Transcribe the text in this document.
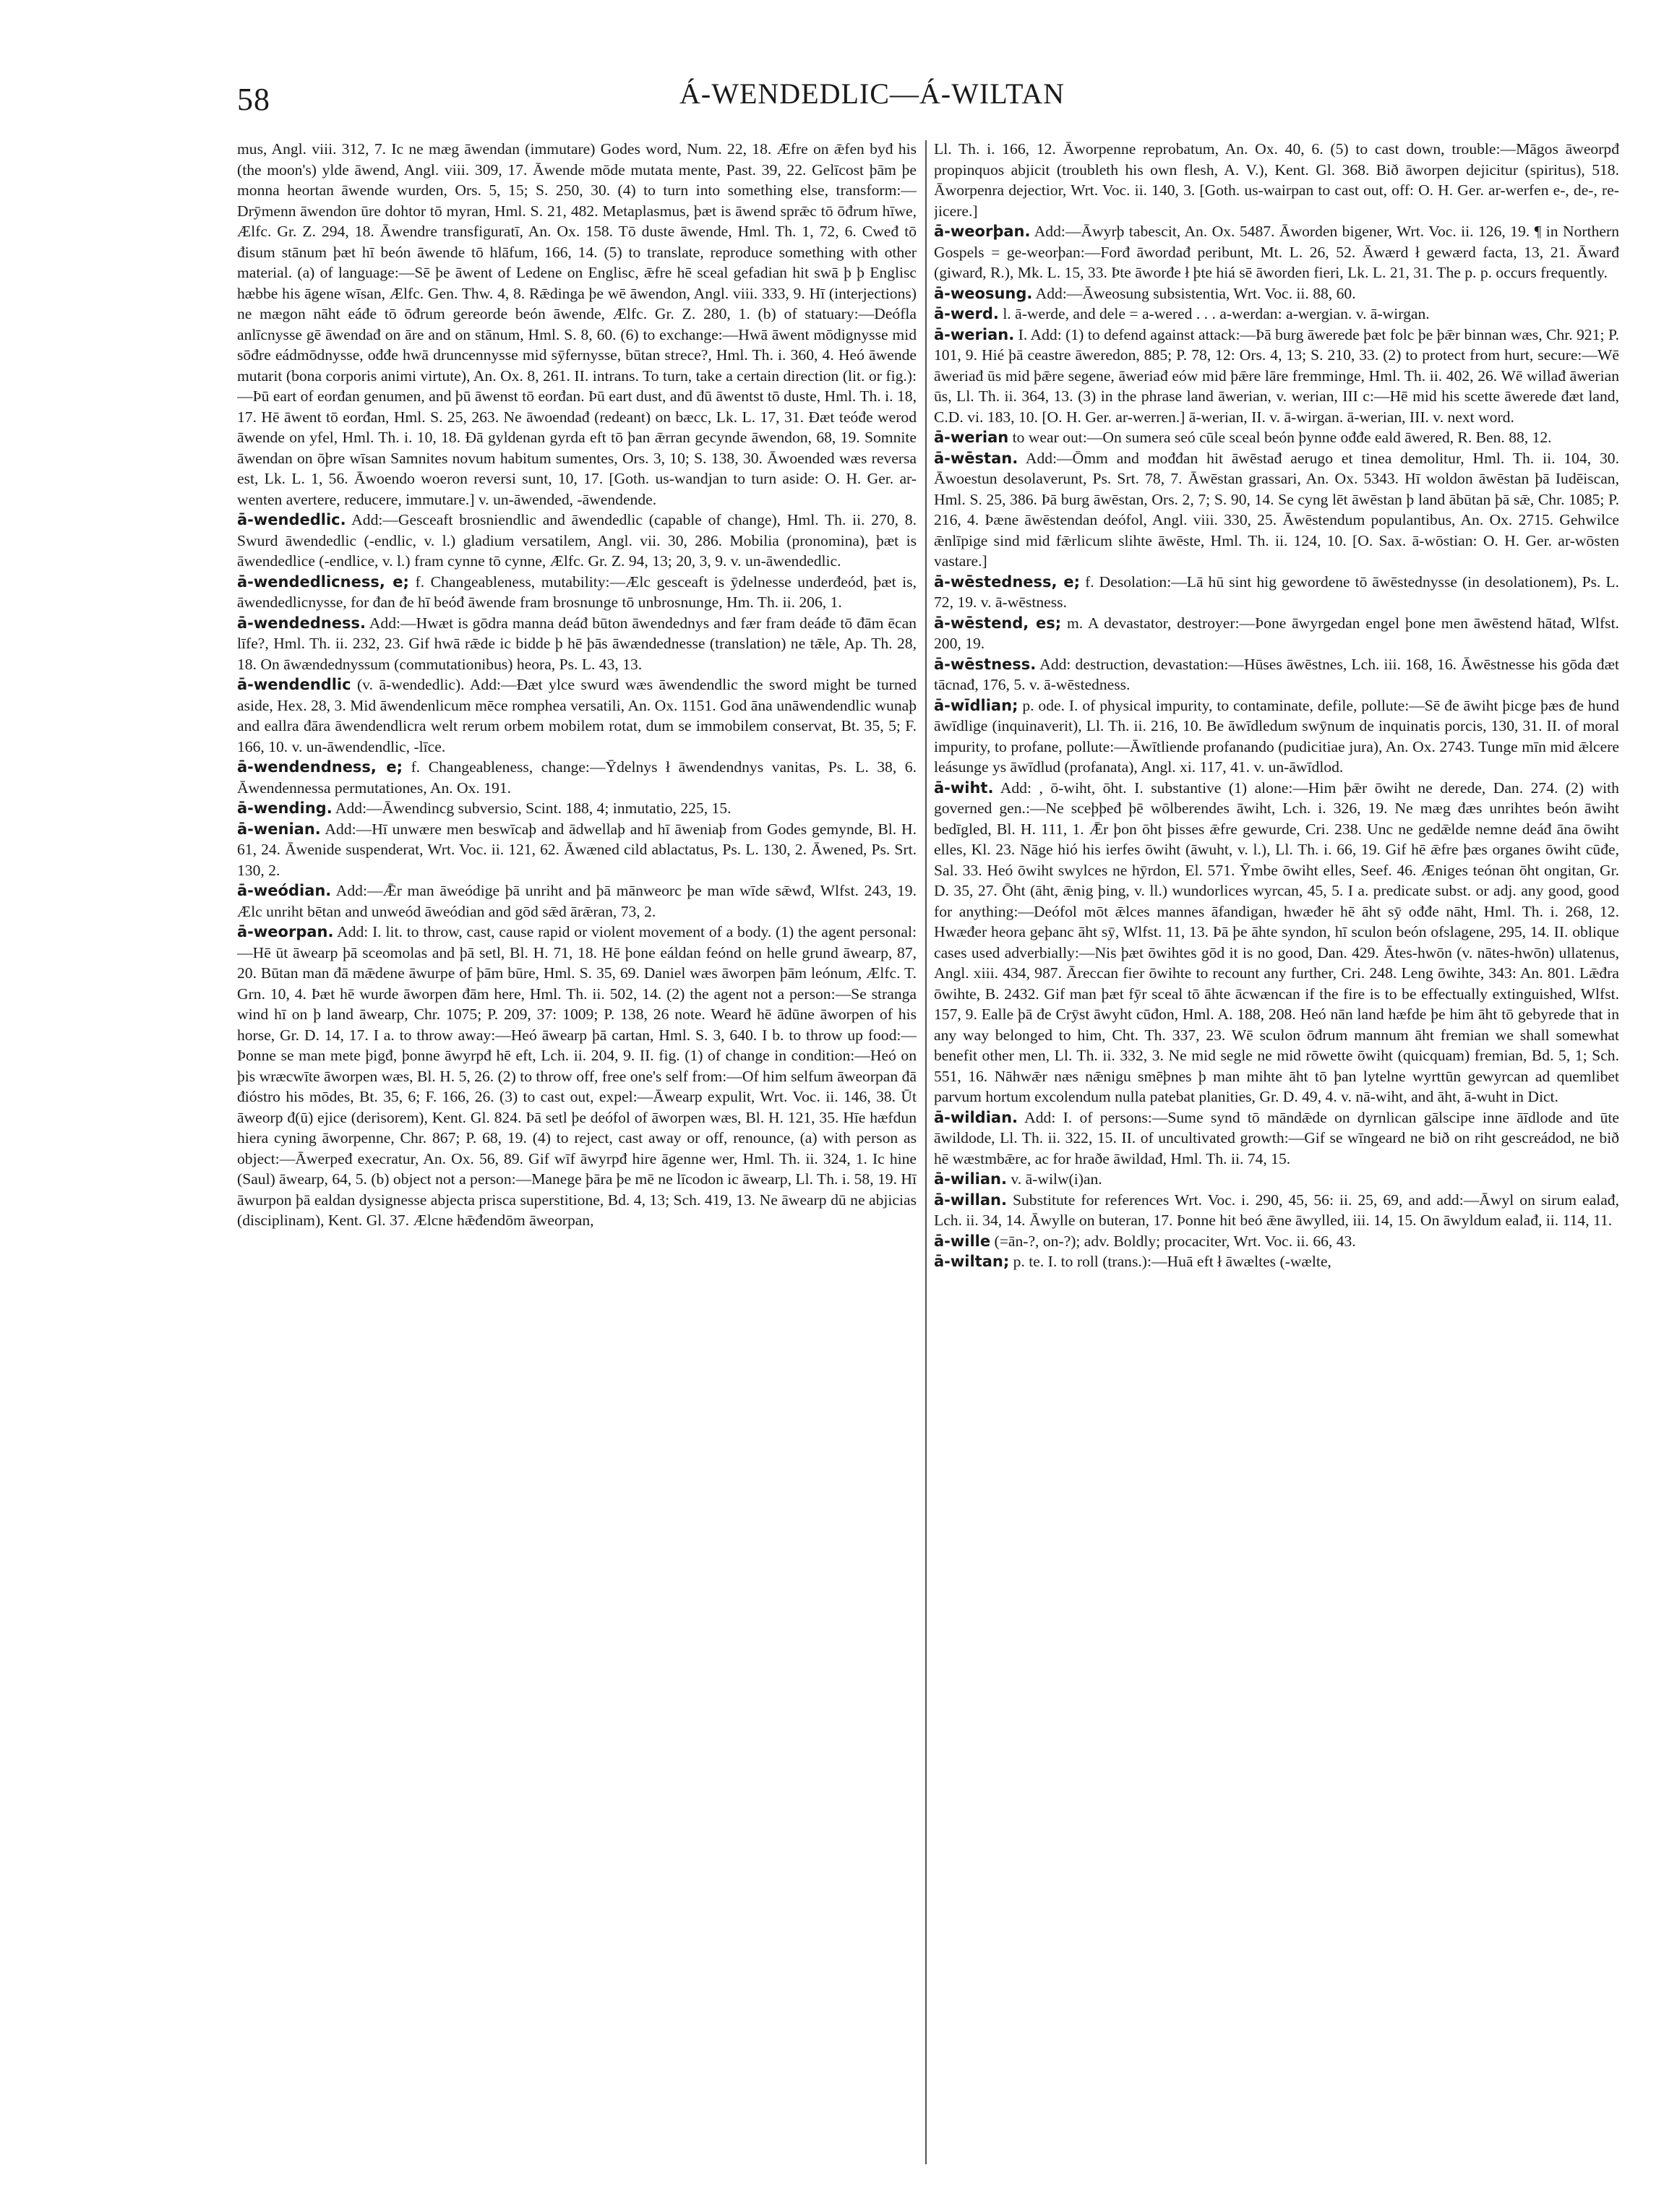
58	Á-WENDEDLIC—Á-WILTAN

mus, Angl. viii. 312, 7. Ic ne mæg āwendan (immutare) Godes word, Num. 22, 18. Æfre on ǣfen byđ his (the moon's) ylde āwend, Angl. viii. 309, 17. Āwende mōde mutata mente, Past. 39, 22. Gelīcost þām þe monna heortan āwende wurden, Ors. 5, 15; S. 250, 30. (4) to turn into something else, transform:—Drȳmenn āwendon ūre dohtor tō myran, Hml. S. 21, 482. Metaplasmus, þæt is āwend sprǣc tō ōđrum hīwe, Ælfc. Gr. Z. 294, 18. Āwendre transfiguratī, An. Ox. 158. Tō duste āwende, Hml. Th. 1, 72, 6. Cweđ tō đisum stānum þæt hī beón āwende tō hlāfum, 166, 14. (5) to translate, reproduce something with other material. (a) of language:—Sē þe āwent of Ledene on Englisc, ǣfre hē sceal gefadian hit swā þ þ Englisc hæbbe his āgene wīsan, Ælfc. Gen. Thw. 4, 8. Rǣdinga þe wē āwendon, Angl. viii. 333, 9. Hī (interjections) ne mægon nāht eáđe tō ōđrum gereorde beón āwende, Ælfc. Gr. Z. 280, 1. (b) of statuary:—Deófla anlīcnysse gē āwendađ on āre and on stānum, Hml. S. 8, 60. (6) to exchange:—Hwā āwent mōdignysse mid sōđre eádmōdnysse, ođđe hwā druncennysse mid sȳfernysse, būtan strece?, Hml. Th. i. 360, 4. Heó āwende mutarit (bona corporis animi virtute), An. Ox. 8, 261. II. intrans. To turn, take a certain direction (lit. or fig.):—Þū eart of eorđan genumen, and þū āwenst tō eorđan. Þū eart dust, and đū āwentst tō duste, Hml. Th. i. 18, 17. Hē āwent tō eorđan, Hml. S. 25, 263. Ne āwoendađ (redeant) on bæcc, Lk. L. 17, 31. Đæt teóđe werod āwende on yfel, Hml. Th. i. 10, 18. Đā gyldenan gyrda eft tō þan ǣrran gecynde āwendon, 68, 19. Somnite āwendan on ōþre wīsan Samnites novum habitum sumentes, Ors. 3, 10; S. 138, 30. Āwoended wæs reversa est, Lk. L. 1, 56. Āwoendo woeron reversi sunt, 10, 17. [Goth. us-wandjan to turn aside: O. H. Ger. ar-wenten avertere, reducere, immutare.] v. un-āwended, -āwendende.

ā-wendedlic. Add:—Gesceaft brosniendlic and āwendedlic (capable of change), Hml. Th. ii. 270, 8. Swurd āwendedlic (-endlic, v. l.) gladium versatilem, Angl. vii. 30, 286. Mobilia (pronomina), þæt is āwendedlice (-endlice, v. l.) fram cynne tō cynne, Ælfc. Gr. Z. 94, 13; 20, 3, 9. v. un-āwendedlic.

ā-wendedlicness, e; f. Changeableness, mutability:—Ælc gesceaft is ȳdelnesse underđeód, þæt is, āwendedlicnysse, for đan đe hī beóđ āwende fram brosnunge tō unbrosnunge, Hm. Th. ii. 206, 1.

ā-wendedness. Add:—Hwæt is gōdra manna deáđ būton āwendednys and fær fram deáđe tō đām ēcan līfe?, Hml. Th. ii. 232, 23. Gif hwā rǣde ic bidde þ hē þās āwændednesse (translation) ne tǣle, Ap. Th. 28, 18. On āwændednyssum (commutationibus) heora, Ps. L. 43, 13.

ā-wendendlic (v. ā-wendedlic). Add:—Đæt ylce swurd wæs āwendendlic the sword might be turned aside, Hex. 28, 3. Mid āwendenlicum mēce romphea versatili, An. Ox. 1151. God āna unāwendendlic wunaþ and eallra đāra āwendendlicra welt rerum orbem mobilem rotat, dum se immobilem conservat, Bt. 35, 5; F. 166, 10. v. un-āwendendlic, -līce.

ā-wendendness, e; f. Changeableness, change:—Ȳdelnys ł āwendendnys vanitas, Ps. L. 38, 6. Āwendennessa permutationes, An. Ox. 191.

ā-wending. Add:—Āwendincg subversio, Scint. 188, 4; inmutatio, 225, 15.

ā-wenian. Add:—Hī unwære men beswīcaþ and ādwellaþ and hī āweniaþ from Godes gemynde, Bl. H. 61, 24. Āwenide suspenderat, Wrt. Voc. ii. 121, 62. Āwæned cild ablactatus, Ps. L. 130, 2. Āwened, Ps. Srt. 130, 2.

ā-weódian. Add:—Ǣr man āweódige þā unriht and þā mānweorc þe man wīde sǣwđ, Wlfst. 243, 19. Ælc unriht bētan and unweód āweódian and gōd sǣd ārǣran, 73, 2.

ā-weorpan. Add: I. lit. to throw, cast, cause rapid or violent movement of a body. (1) the agent personal:—Hē ūt āwearp þā sceomolas and þā setl, Bl. H. 71, 18. Hē þone eáldan feónd on helle grund āwearp, 87, 20. Būtan man đā mǣdene āwurpe of þām būre, Hml. S. 35, 69. Daniel wæs āworpen þām leónum, Ælfc. T. Grn. 10, 4. Þæt hē wurde āworpen đām here, Hml. Th. ii. 502, 14. (2) the agent not a person:—Se stranga wind hī on þ land āwearp, Chr. 1075; P. 209, 37: 1009; P. 138, 26 note. Wearđ hē ādūne āworpen of his horse, Gr. D. 14, 17. I a. to throw away:—Heó āwearp þā cartan, Hml. S. 3, 640. I b. to throw up food:—Þonne se man mete þigđ, þonne āwyrpđ hē eft, Lch. ii. 204, 9. II. fig. (1) of change in condition:—Heó on þis wræcwīte āworpen wæs, Bl. H. 5, 26. (2) to throw off, free one's self from:—Of him selfum āweorpan đā đióstro his mōdes, Bt. 35, 6; F. 166, 26. (3) to cast out, expel:—Āwearp expulit, Wrt. Voc. ii. 146, 38. Ūt āweorp đ(ū) ejice (derisorem), Kent. Gl. 824. Þā setl þe deófol of āworpen wæs, Bl. H. 121, 35. Hīe hæfdun hiera cyning āworpenne, Chr. 867; P. 68, 19. (4) to reject, cast away or off, renounce, (a) with person as object:—Āwerpeđ execratur, An. Ox. 56, 89. Gif wīf āwyrpđ hire āgenne wer, Hml. Th. ii. 324, 1. Ic hine (Saul) āwearp, 64, 5. (b) object not a person:—Manege þāra þe mē ne līcodon ic āwearp, Ll. Th. i. 58, 19. Hī āwurpon þā ealdan dysignesse abjecta prisca superstitione, Bd. 4, 13; Sch. 419, 13. Ne āwearp dū ne abjicias (disciplinam), Kent. Gl. 37. Ælcne hǣđendōm āweorpan,

Ll. Th. i. 166, 12. Āworpenne reprobatum, An. Ox. 40, 6. (5) to cast down, trouble:—Māgos āweorpđ propinquos abjicit (troubleth his own flesh, A. V.), Kent. Gl. 368. Bið āworpen dejicitur (spiritus), 518. Āworpenra dejectior, Wrt. Voc. ii. 140, 3. [Goth. us-wairpan to cast out, off: O. H. Ger. ar-werfen e-, de-, re-jicere.]

ā-weorþan. Add:—Āwyrþ tabescit, An. Ox. 5487. Āworden bigener, Wrt. Voc. ii. 126, 19. ¶ in Northern Gospels = ge-weorþan:—Forđ āwordađ peribunt, Mt. L. 26, 52. Āwærd ł gewærd facta, 13, 21. Āwarđ (giwarđ, R.), Mk. L. 15, 33. Þte āworđe ł þte hiá sē āworden fieri, Lk. L. 21, 31. The p. p. occurs frequently.

ā-weosung. Add:—Āweosung subsistentia, Wrt. Voc. ii. 88, 60.

ā-werd. l. ā-werde, and dele = a-wered . . . a-werdan: a-wergian. v. ā-wirgan.

ā-werian. I. Add: (1) to defend against attack:—Þā burg āwerede þæt folc þe þǣr binnan wæs, Chr. 921; P. 101, 9. Hié þā ceastre āweredon, 885; P. 78, 12: Ors. 4, 13; S. 210, 33. (2) to protect from hurt, secure:—Wē āweriađ ūs mid þǣre segene, āweriađ eów mid þǣre lāre fremminge, Hml. Th. ii. 402, 26. Wē willađ āwerian ūs, Ll. Th. ii. 364, 13. (3) in the phrase land āwerian, v. werian, III c:—Hē mid his scette āwerede đæt land, C.D. vi. 183, 10. [O. H. Ger. ar-werren.] ā-werian, II. v. ā-wirgan. ā-werian, III. v. next word.

ā-werian to wear out:—On sumera seó cūle sceal beón þynne ođđe eald āwered, R. Ben. 88, 12.

ā-wēstan. Add:—Ōmm and mođđan hit āwēstađ aerugo et tinea demolitur, Hml. Th. ii. 104, 30. Āwoestun desolaverunt, Ps. Srt. 78, 7. Āwēstan grassari, An. Ox. 5343. Hī woldon āwēstan þā Iudēiscan, Hml. S. 25, 386. Þā burg āwēstan, Ors. 2, 7; S. 90, 14. Se cyng lēt āwēstan þ land ābūtan þā sǣ, Chr. 1085; P. 216, 4. Þæne āwēstendan deófol, Angl. viii. 330, 25. Āwēstendum populantibus, An. Ox. 2715. Gehwilce ǣnlīpige sind mid fǣrlicum slihte āwēste, Hml. Th. ii. 124, 10. [O. Sax. ā-wōstian: O. H. Ger. ar-wōsten vastare.]

ā-wēstedness, e; f. Desolation:—Lā hū sint hig gewordene tō āwēstednysse (in desolationem), Ps. L. 72, 19. v. ā-wēstness.

ā-wēstend, es; m. A devastator, destroyer:—Þone āwyrgedan engel þone men āwēstend hātađ, Wlfst. 200, 19.

ā-wēstness. Add: destruction, devastation:—Hūses āwēstnes, Lch. iii. 168, 16. Āwēstnesse his gōda đæt tācnađ, 176, 5. v. ā-wēstedness.

ā-wīdlian; p. ode. I. of physical impurity, to contaminate, defile, pollute:—Sē đe āwiht þicge þæs đe hund āwīdlige (inquinaverit), Ll. Th. ii. 216, 10. Be āwīdledum swȳnum de inquinatis porcis, 130, 31. II. of moral impurity, to profane, pollute:—Āwītliende profanando (pudicitiae jura), An. Ox. 2743. Tunge mīn mid ǣlcere leásunge ys āwīdlud (profanata), Angl. xi. 117, 41. v. un-āwīdlod.

ā-wiht. Add: , ō-wiht, ōht. I. substantive (1) alone:—Him þǣr ōwiht ne derede, Dan. 274. (2) with governed gen.:—Ne sceþþeđ þē wōlberendes āwiht, Lch. i. 326, 19. Ne mæg đæs unrihtes beón āwiht bedīgled, Bl. H. 111, 1. Ǣr þon ōht þisses ǣfre gewurde, Cri. 238. Unc ne gedǣlde nemne deáđ āna ōwiht elles, Kl. 23. Nāge hió his ierfes ōwiht (āwuht, v. l.), Ll. Th. i. 66, 19. Gif hē ǣfre þæs organes ōwiht cūđe, Sal. 33. Heó ōwiht swylces ne hȳrdon, El. 571. Ȳmbe ōwiht elles, Seef. 46. Æniges teónan ōht ongitan, Gr. D. 35, 27. Ōht (āht, ǣnig þing, v. ll.) wundorlices wyrcan, 45, 5. I a. predicate subst. or adj. any good, good for anything:—Deófol mōt ǣlces mannes āfandigan, hwæđer hē āht sȳ ođđe nāht, Hml. Th. i. 268, 12. Hwæđer heora geþanc āht sȳ, Wlfst. 11, 13. Þā þe āhte syndon, hī sculon beón ofslagene, 295, 14. II. oblique cases used adverbially:—Nis þæt ōwihtes gōd it is no good, Dan. 429. Ātes-hwōn (v. nātes-hwōn) ullatenus, Angl. xiii. 434, 987. Āreccan fier ōwihte to recount any further, Cri. 248. Leng ōwihte, 343: An. 801. Lǣđra ōwihte, B. 2432. Gif man þæt fȳr sceal tō āhte ācwæncan if the fire is to be effectually extinguished, Wlfst. 157, 9. Ealle þā đe Crȳst āwyht cūđon, Hml. A. 188, 208. Heó nān land hæfde þe him āht tō gebyrede that in any way belonged to him, Cht. Th. 337, 23. Wē sculon ōđrum mannum āht fremian we shall somewhat benefit other men, Ll. Th. ii. 332, 3. Ne mid segle ne mid rōwette ōwiht (quicquam) fremian, Bd. 5, 1; Sch. 551, 16. Nāhwǣr næs nǣnigu smēþnes þ man mihte āht tō þan lytelne wyrttūn gewyrcan ad quemlibet parvum hortum excolendum nulla patebat planities, Gr. D. 49, 4. v. nā-wiht, and āht, ā-wuht in Dict.

ā-wildian. Add: I. of persons:—Sume synd tō māndǣde on dyrnlican gālscipe inne āīdlode and ūte āwildode, Ll. Th. ii. 322, 15. II. of uncultivated growth:—Gif se wīngeard ne bið on riht gescreádod, ne bið hē wæstmbǣre, ac for hraðe āwildađ, Hml. Th. ii. 74, 15.

ā-wilian. v. ā-wilw(i)an.

ā-willan. Substitute for references Wrt. Voc. i. 290, 45, 56: ii. 25, 69, and add:—Āwyl on sirum ealađ, Lch. ii. 34, 14. Āwylle on buteran, 17. Þonne hit beó ǣne āwylled, iii. 14, 15. On āwyldum ealađ, ii. 114, 11.

ā-wille (=ān-?, on-?); adv. Boldly; procaciter, Wrt. Voc. ii. 66, 43.

ā-wiltan; p. te. I. to roll (trans.):—Huā eft ł āwæltes (-wælte,
